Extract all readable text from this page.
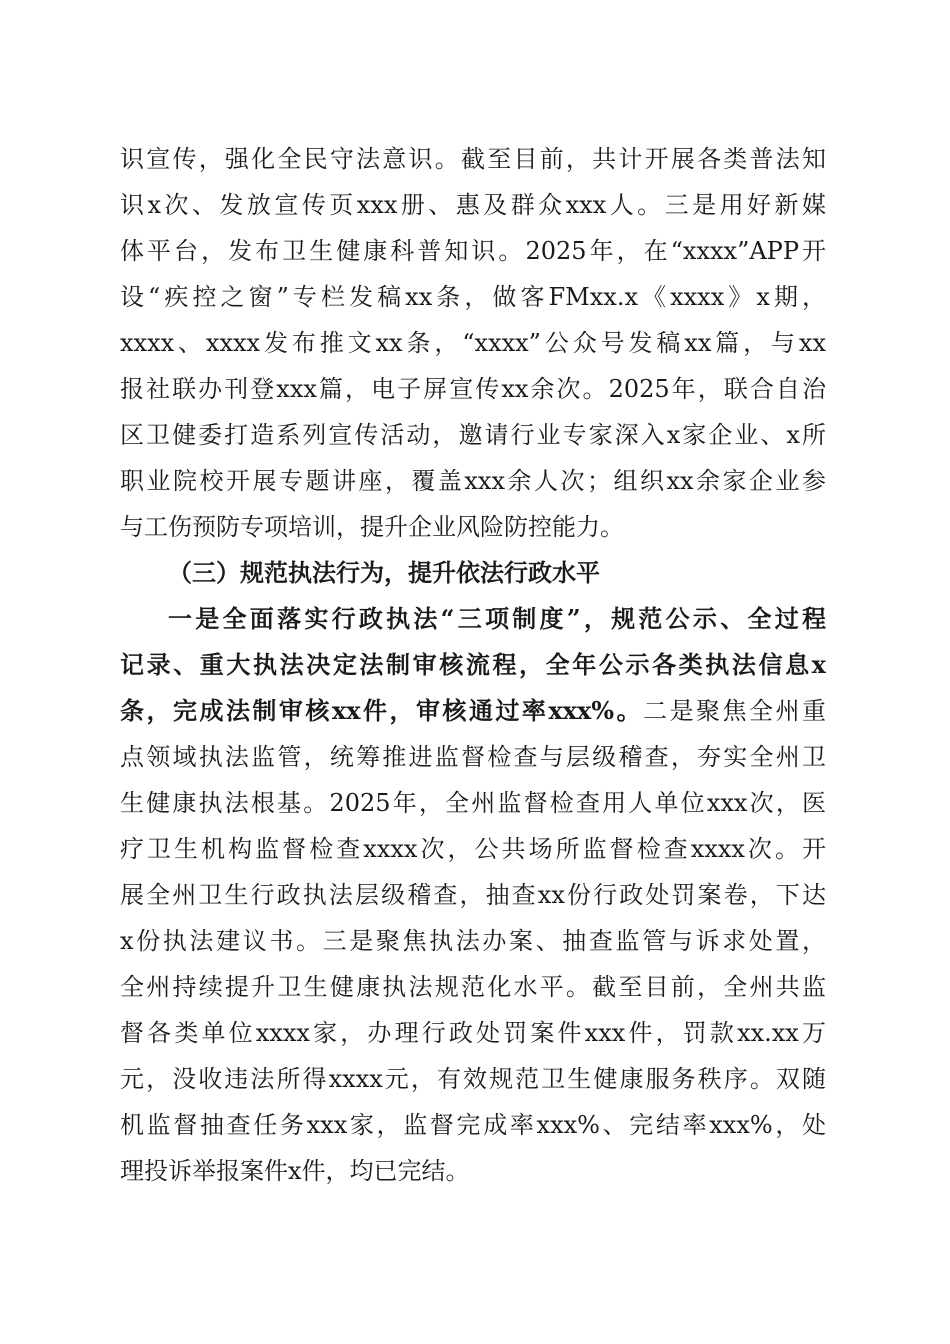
识宣传，强化全民守法意识。截至目前，共计开展各类普法知
识x次、发放宣传页xxx册、惠及群众xxx人。三是用好新媒
体平台，发布卫生健康科普知识。2025年，在“xxxx”APP开
设“疾控之窗”专栏发稿xx条，做客FMxx.x《xxxx》x期，
xxxx、xxxx发布推文xx条，“xxxx”公众号发稿xx篇，与xx
报社联办刊登xxx篇，电子屏宣传xx余次。2025年，联合自治
区卫健委打造系列宣传活动，邀请行业专家深入x家企业、x所
职业院校开展专题讲座，覆盖xxx余人次；组织xx余家企业参
与工伤预防专项培训，提升企业风险防控能力。
（三）规范执法行为，提升依法行政水平
一是全面落实行政执法“三项制度”，规范公示、全过程
记录、重大执法决定法制审核流程，全年公示各类执法信息x
条，完成法制审核xx件，审核通过率xxx%。二是聚焦全州重
点领域执法监管，统筹推进监督检查与层级稽查，夯实全州卫
生健康执法根基。2025年，全州监督检查用人单位xxx次，医
疗卫生机构监督检查xxxx次，公共场所监督检查xxxx次。开
展全州卫生行政执法层级稽查，抽查xx份行政处罚案卷，下达
x份执法建议书。三是聚焦执法办案、抽查监管与诉求处置，
全州持续提升卫生健康执法规范化水平。截至目前，全州共监
督各类单位xxxx家，办理行政处罚案件xxx件，罚款xx.xx万
元，没收违法所得xxxx元，有效规范卫生健康服务秩序。双随
机监督抽查任务xxx家，监督完成率xxx%、完结率xxx%，处
理投诉举报案件x件，均已完结。
